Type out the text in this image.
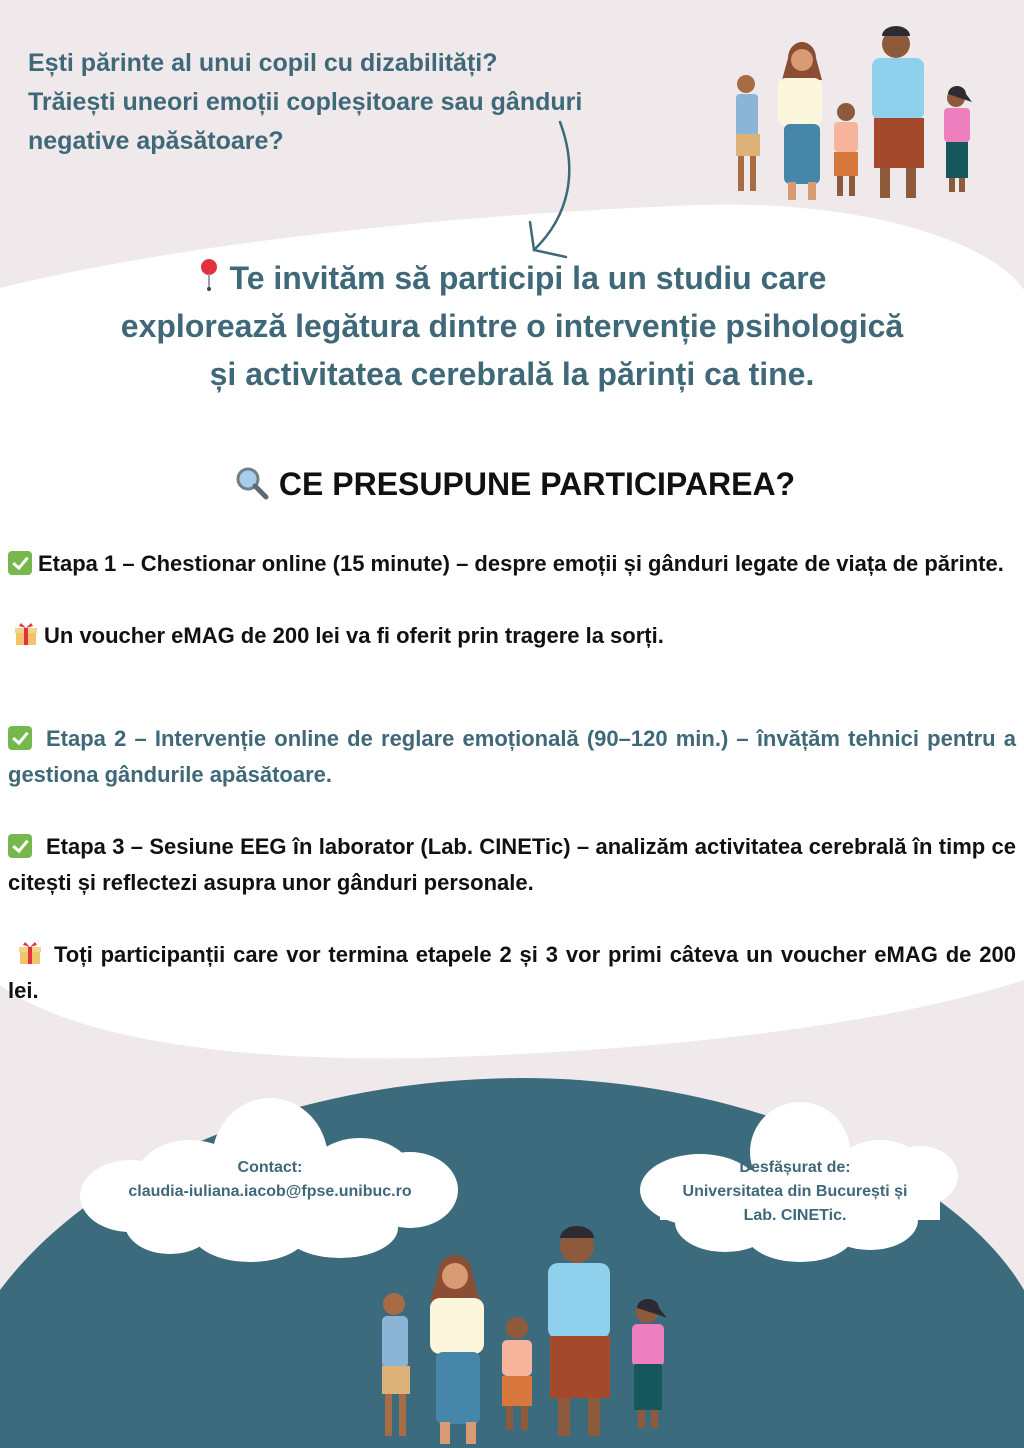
Ești părinte al unui copil cu dizabilități?
Trăiești uneori emoții copleșitoare sau gânduri
negative apăsătoare?
Te invităm să participi la un studiu care
explorează legătura dintre o intervenție psihologică
și activitatea cerebrală la părinți ca tine.
CE PRESUPUNE PARTICIPAREA?
Etapa 1 – Chestionar online (15 minute) – despre emoții și gânduri legate de viața de părinte.
Un voucher eMAG de 200 lei va fi oferit prin tragere la sorți.
Etapa 2 – Intervenție online de reglare emoțională (90–120 min.) – învățăm tehnici pentru a gestiona gândurile apăsătoare.
Etapa 3 – Sesiune EEG în laborator (Lab. CINETic) – analizăm activitatea cerebrală în timp ce citești și reflectezi asupra unor gânduri personale.
Toți participanții care vor termina etapele 2 și 3 vor primi câteva un voucher eMAG de 200 lei.
Contact:
claudia-iuliana.iacob@fpse.unibuc.ro
Desfășurat de:
Universitatea din București și
Lab. CINETic.
